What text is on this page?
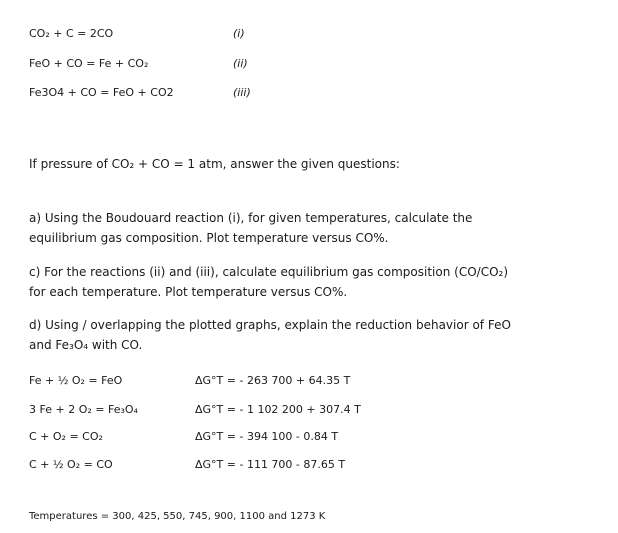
CO₂ + C = 2CO	(i)
FeO + CO = Fe + CO₂	(ii)
Fe3O4 + CO = FeO + CO2	(iii)
If pressure of CO₂ + CO = 1 atm, answer the given questions:
a) Using the Boudouard reaction (i), for given temperatures, calculate the
equilibrium gas composition. Plot temperature versus CO%.
c) For the reactions (ii) and (iii), calculate equilibrium gas composition (CO/CO₂)
for each temperature. Plot temperature versus CO%.
d) Using / overlapping the plotted graphs, explain the reduction behavior of FeO
and Fe₃O₄ with CO.
Fe + ½ O₂ = FeO	ΔG°T = - 263 700 + 64.35 T
3 Fe + 2 O₂ = Fe₃O₄	ΔG°T = - 1 102 200 + 307.4 T
C + O₂ = CO₂	ΔG°T = - 394 100 - 0.84 T
C + ½ O₂ = CO	ΔG°T = - 111 700 - 87.65 T
Temperatures = 300, 425, 550, 745, 900, 1100 and 1273 K
